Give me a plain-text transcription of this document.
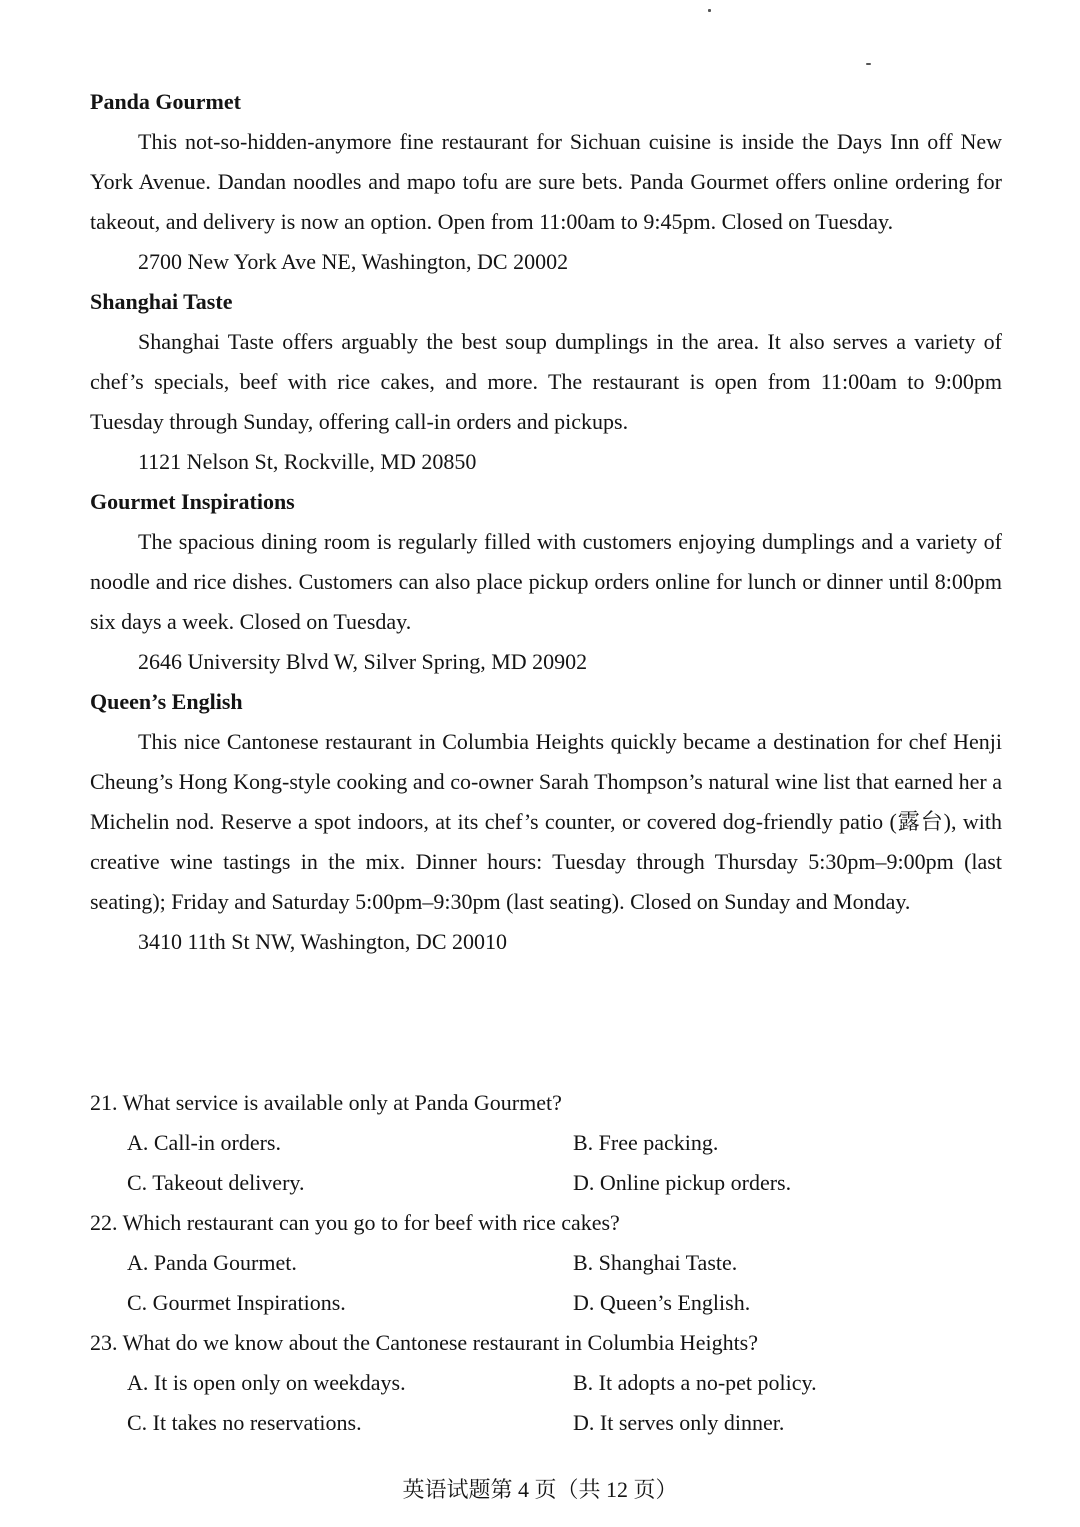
Panda Gourmet

This not-so-hidden-anymore fine restaurant for Sichuan cuisine is inside the Days Inn off New York Avenue. Dandan noodles and mapo tofu are sure bets. Panda Gourmet offers online ordering for takeout, and delivery is now an option. Open from 11:00am to 9:45pm. Closed on Tuesday.

2700 New York Ave NE, Washington, DC 20002

Shanghai Taste

Shanghai Taste offers arguably the best soup dumplings in the area. It also serves a variety of chef’s specials, beef with rice cakes, and more. The restaurant is open from 11:00am to 9:00pm Tuesday through Sunday, offering call-in orders and pickups.

1121 Nelson St, Rockville, MD 20850

Gourmet Inspirations

The spacious dining room is regularly filled with customers enjoying dumplings and a variety of noodle and rice dishes. Customers can also place pickup orders online for lunch or dinner until 8:00pm six days a week. Closed on Tuesday.

2646 University Blvd W, Silver Spring, MD 20902

Queen’s English

This nice Cantonese restaurant in Columbia Heights quickly became a destination for chef Henji Cheung’s Hong Kong-style cooking and co-owner Sarah Thompson’s natural wine list that earned her a Michelin nod. Reserve a spot indoors, at its chef’s counter, or covered dog-friendly patio (露台), with creative wine tastings in the mix. Dinner hours: Tuesday through Thursday 5:30pm–9:00pm (last seating); Friday and Saturday 5:00pm–9:30pm (last seating). Closed on Sunday and Monday.

3410 11th St NW, Washington, DC 20010

21. What service is available only at Panda Gourmet?

A. Call-in orders.	B. Free packing.
C. Takeout delivery.	D. Online pickup orders.

22. Which restaurant can you go to for beef with rice cakes?

A. Panda Gourmet.	B. Shanghai Taste.
C. Gourmet Inspirations.	D. Queen’s English.

23. What do we know about the Cantonese restaurant in Columbia Heights?

A. It is open only on weekdays.	B. It adopts a no-pet policy.
C. It takes no reservations.	D. It serves only dinner.
英语试题第 4 页（共 12 页）
